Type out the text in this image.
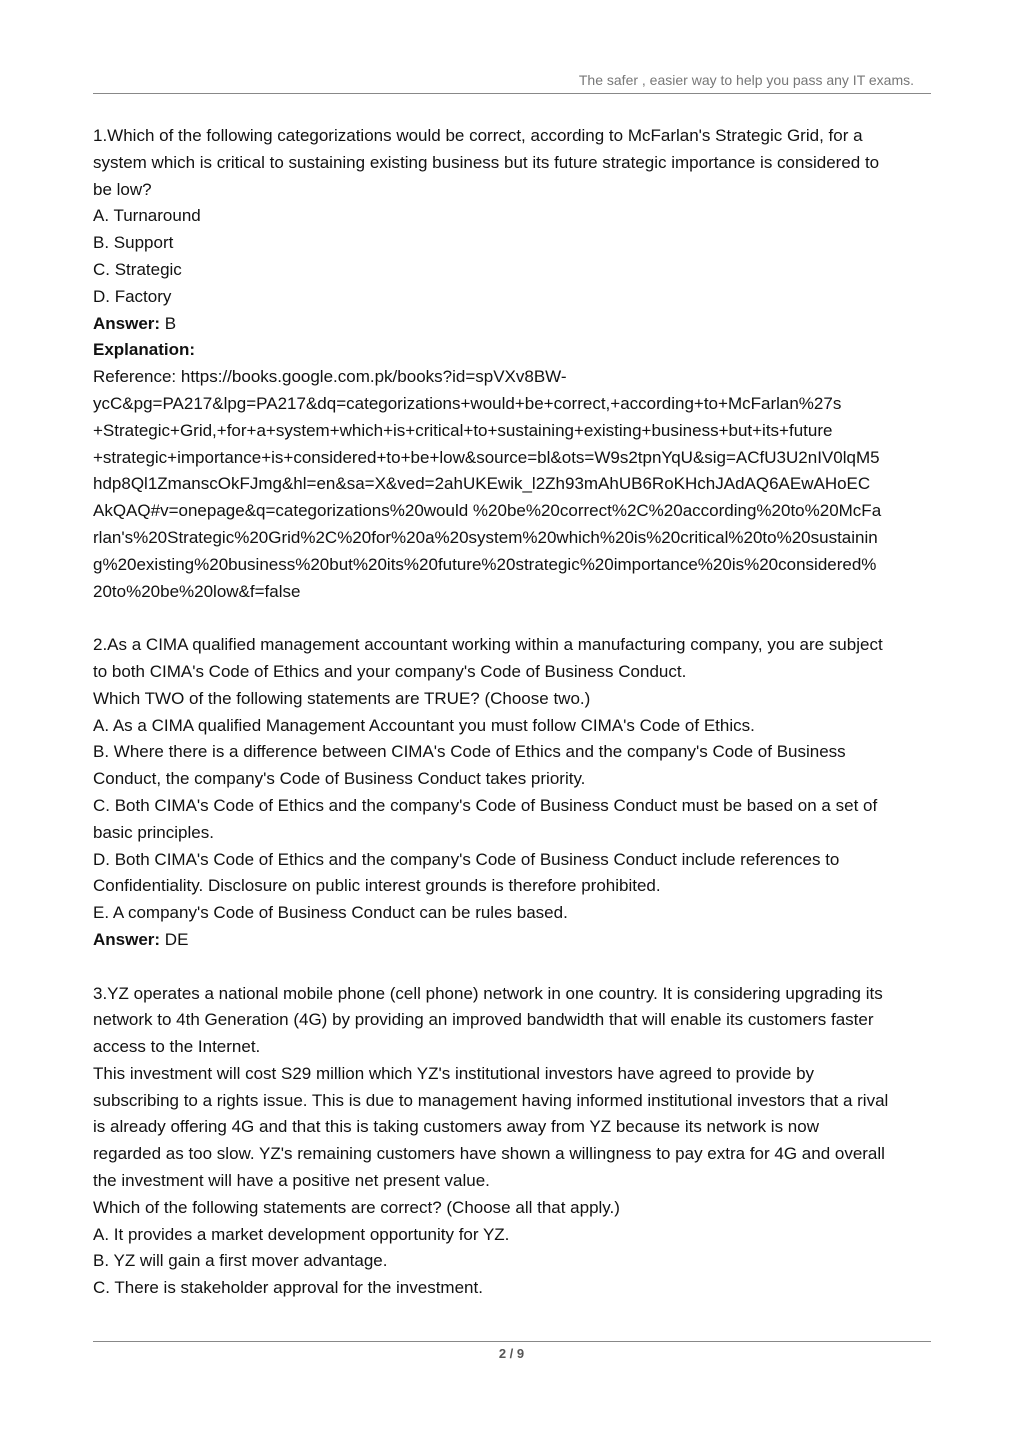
The safer , easier way to help you pass any IT exams.
1.Which of the following categorizations would be correct, according to McFarlan's Strategic Grid, for a
system which is critical to sustaining existing business but its future strategic importance is considered to
be low?
A. Turnaround
B. Support
C. Strategic
D. Factory
Answer: B
Explanation:
Reference: https://books.google.com.pk/books?id=spVXv8BW-
ycC&pg=PA217&lpg=PA217&dq=categorizations+would+be+correct,+according+to+McFarlan%27s
+Strategic+Grid,+for+a+system+which+is+critical+to+sustaining+existing+business+but+its+future
+strategic+importance+is+considered+to+be+low&source=bl&ots=W9s2tpnYqU&sig=ACfU3U2nIV0lqM5
hdp8Ql1ZmanscOkFJmg&hl=en&sa=X&ved=2ahUKEwik_l2Zh93mAhUB6RoKHchJAdAQ6AEwAHoEC
AkQAQ#v=onepage&q=categorizations%20would %20be%20correct%2C%20according%20to%20McFa
rlan's%20Strategic%20Grid%2C%20for%20a%20system%20which%20is%20critical%20to%20sustainin
g%20existing%20business%20but%20its%20future%20strategic%20importance%20is%20considered%
20to%20be%20low&f=false
2.As a CIMA qualified management accountant working within a manufacturing company, you are subject
to both CIMA's Code of Ethics and your company's Code of Business Conduct.
Which TWO of the following statements are TRUE? (Choose two.)
A. As a CIMA qualified Management Accountant you must follow CIMA's Code of Ethics.
B. Where there is a difference between CIMA's Code of Ethics and the company's Code of Business
Conduct, the company's Code of Business Conduct takes priority.
C. Both CIMA's Code of Ethics and the company's Code of Business Conduct must be based on a set of
basic principles.
D. Both CIMA's Code of Ethics and the company's Code of Business Conduct include references to
Confidentiality. Disclosure on public interest grounds is therefore prohibited.
E. A company's Code of Business Conduct can be rules based.
Answer: DE
3.YZ operates a national mobile phone (cell phone) network in one country. It is considering upgrading its
network to 4th Generation (4G) by providing an improved bandwidth that will enable its customers faster
access to the Internet.
This investment will cost S29 million which YZ's institutional investors have agreed to provide by
subscribing to a rights issue. This is due to management having informed institutional investors that a rival
is already offering 4G and that this is taking customers away from YZ because its network is now
regarded as too slow. YZ's remaining customers have shown a willingness to pay extra for 4G and overall
the investment will have a positive net present value.
Which of the following statements are correct? (Choose all that apply.)
A. It provides a market development opportunity for YZ.
B. YZ will gain a first mover advantage.
C. There is stakeholder approval for the investment.
2 / 9
